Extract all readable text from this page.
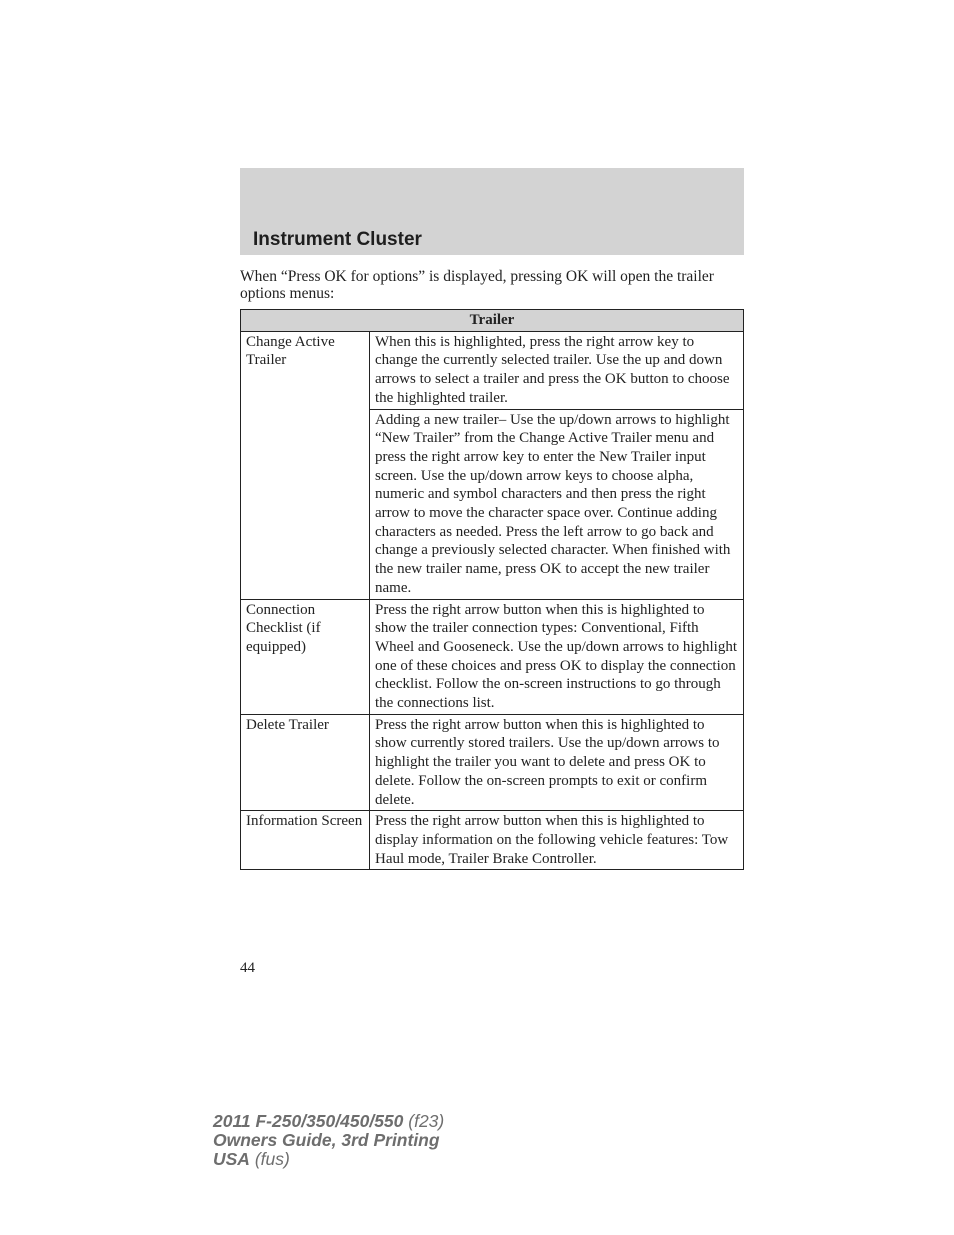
Instrument Cluster

When “Press OK for options” is displayed, pressing OK will open the trailer options menus:

Trailer	
Change Active Trailer	When this is highlighted, press the right arrow key to change the currently selected trailer. Use the up and down arrows to select a trailer and press the OK button to choose the highlighted trailer.
	Adding a new trailer– Use the up/down arrows to highlight “New Trailer” from the Change Active Trailer menu and press the right arrow key to enter the New Trailer input screen. Use the up/down arrow keys to choose alpha, numeric and symbol characters and then press the right arrow to move the character space over. Continue adding characters as needed. Press the left arrow to go back and change a previously selected character. When finished with the new trailer name, press OK to accept the new trailer name.
Connection Checklist (if equipped)	Press the right arrow button when this is highlighted to show the trailer connection types: Conventional, Fifth Wheel and Gooseneck. Use the up/down arrows to highlight one of these choices and press OK to display the connection checklist. Follow the on-screen instructions to go through the connections list.
Delete Trailer	Press the right arrow button when this is highlighted to show currently stored trailers. Use the up/down arrows to highlight the trailer you want to delete and press OK to delete. Follow the on-screen prompts to exit or confirm delete.
Information Screen	Press the right arrow button when this is highlighted to display information on the following vehicle features: Tow Haul mode, Trailer Brake Controller.

44

2011 F-250/350/450/550 (f23)
Owners Guide, 3rd Printing
USA (fus)
